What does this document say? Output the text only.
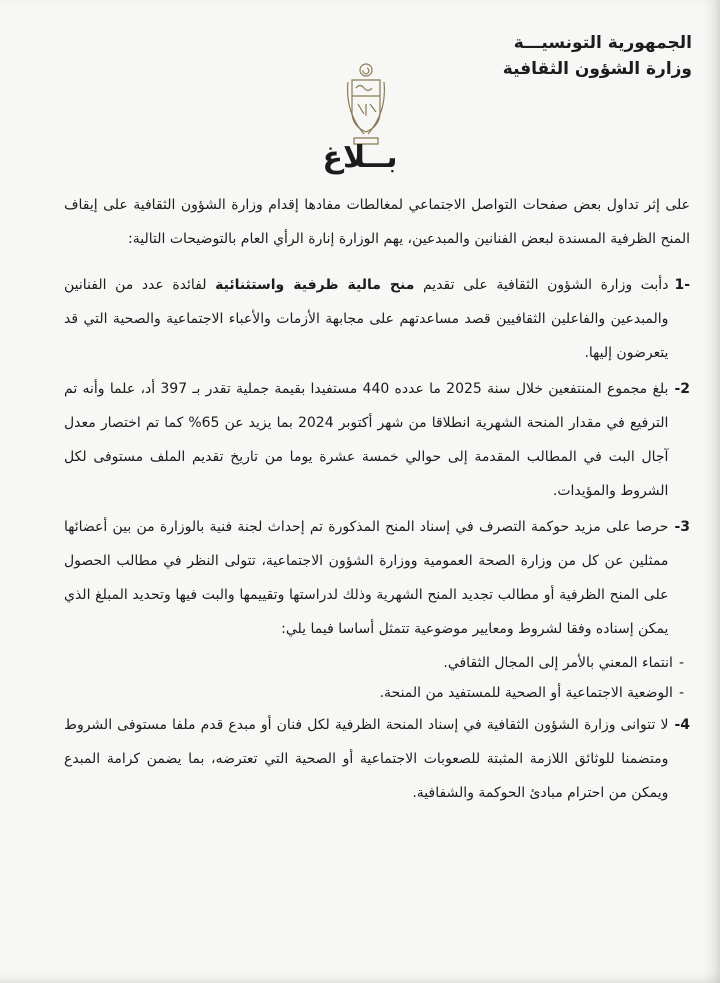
الجمهورية التونسيـــة
وزارة الشؤون الثقافية
بــلاغ
على إثر تداول بعض صفحات التواصل الاجتماعي لمغالطات مفادها إقدام وزارة الشؤون الثقافية على إيقاف المنح الظرفية المسندة لبعض الفنانين والمبدعين، يهم الوزارة إنارة الرأي العام بالتوضيحات التالية:
-1
دأبت وزارة الشؤون الثقافية على تقديم منح مالية ظرفية واستثنائية لفائدة عدد من الفنانين والمبدعين والفاعلين الثقافيين قصد مساعدتهم على مجابهة الأزمات والأعباء الاجتماعية والصحية التي قد يتعرضون إليها.
2-
بلغ مجموع المنتفعين خلال سنة 2025 ما عدده 440 مستفيدا بقيمة جملية تقدر بـ 397 أد، علما وأنه تم الترفيع في مقدار المنحة الشهرية انطلاقا من شهر أكتوبر 2024 بما يزيد عن 65% كما تم اختصار معدل آجال البت في المطالب المقدمة إلى حوالي خمسة عشرة يوما من تاريخ تقديم الملف مستوفى لكل الشروط والمؤيدات.
3-
حرصا على مزيد حوكمة التصرف في إسناد المنح المذكورة تم إحداث لجنة فنية بالوزارة من بين أعضائها ممثلين عن كل من وزارة الصحة العمومية ووزارة الشؤون الاجتماعية، تتولى النظر في مطالب الحصول على المنح الظرفية أو مطالب تجديد المنح الشهرية وذلك لدراستها وتقييمها والبت فيها وتحديد المبلغ الذي يمكن إسناده وفقا لشروط ومعايير موضوعية تتمثل أساسا فيما يلي:
-انتماء المعني بالأمر إلى المجال الثقافي.
-الوضعية الاجتماعية أو الصحية للمستفيد من المنحة.
4-
لا تتوانى وزارة الشؤون الثقافية في إسناد المنحة الظرفية لكل فنان أو مبدع قدم ملفا مستوفى الشروط ومتضمنا للوثائق اللازمة المثبتة للصعوبات الاجتماعية أو الصحية التي تعترضه، بما يضمن كرامة المبدع ويمكن من احترام مبادئ الحوكمة والشفافية.
